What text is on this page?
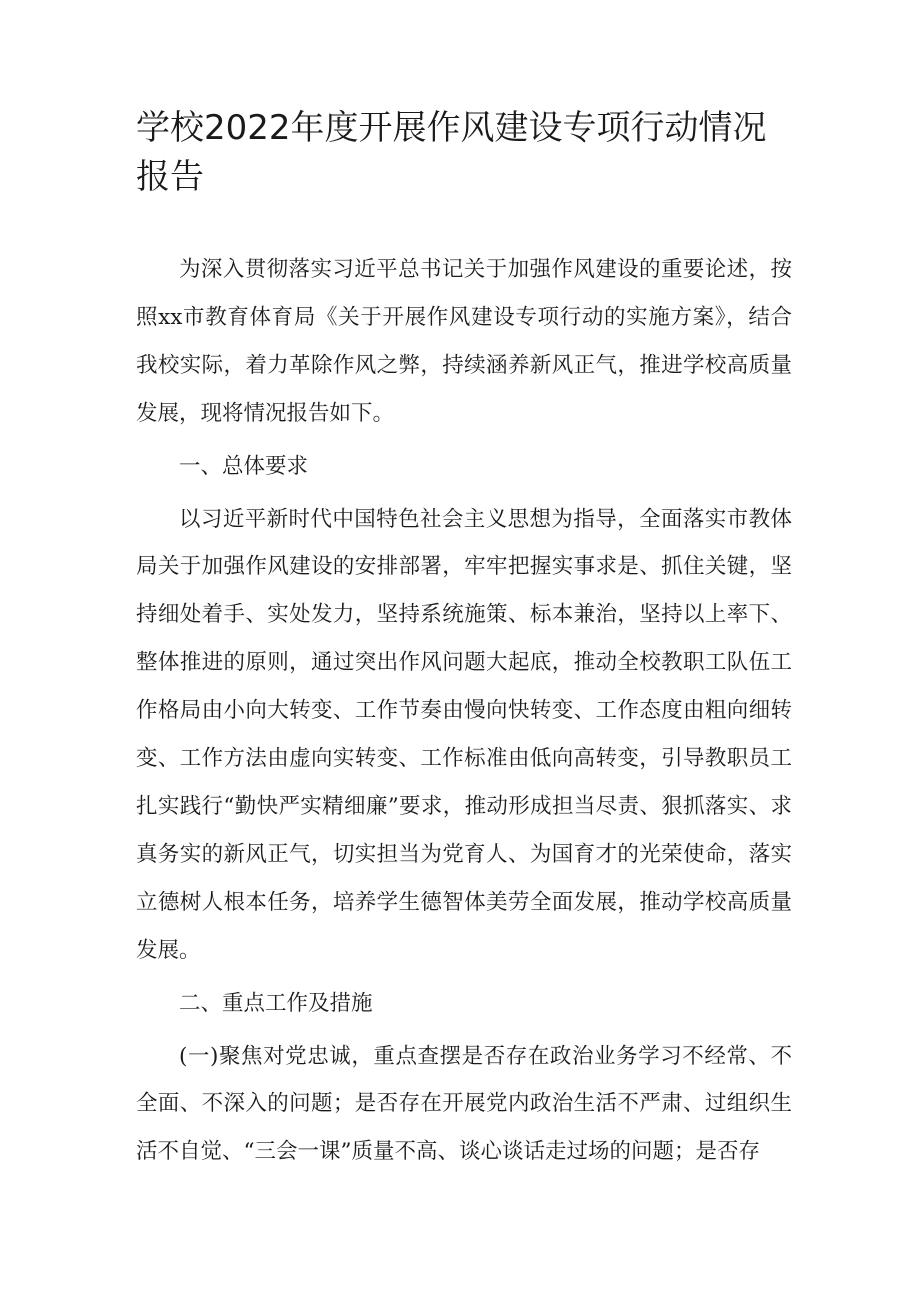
学校2022年度开展作风建设专项行动情况报告

为深入贯彻落实习近平总书记关于加强作风建设的重要论述，按照xx市教育体育局《关于开展作风建设专项行动的实施方案》，结合我校实际，着力革除作风之弊，持续涵养新风正气，推进学校高质量发展，现将情况报告如下。

一、总体要求

以习近平新时代中国特色社会主义思想为指导，全面落实市教体局关于加强作风建设的安排部署，牢牢把握实事求是、抓住关键，坚持细处着手、实处发力，坚持系统施策、标本兼治，坚持以上率下、整体推进的原则，通过突出作风问题大起底，推动全校教职工队伍工作格局由小向大转变、工作节奏由慢向快转变、工作态度由粗向细转变、工作方法由虚向实转变、工作标准由低向高转变，引导教职员工扎实践行“勤快严实精细廉”要求，推动形成担当尽责、狠抓落实、求真务实的新风正气，切实担当为党育人、为国育才的光荣使命，落实立德树人根本任务，培养学生德智体美劳全面发展，推动学校高质量发展。

二、重点工作及措施

(一)聚焦对党忠诚，重点查摆是否存在政治业务学习不经常、不全面、不深入的问题；是否存在开展党内政治生活不严肃、过组织生活不自觉、“三会一课”质量不高、谈心谈话走过场的问题；是否存
